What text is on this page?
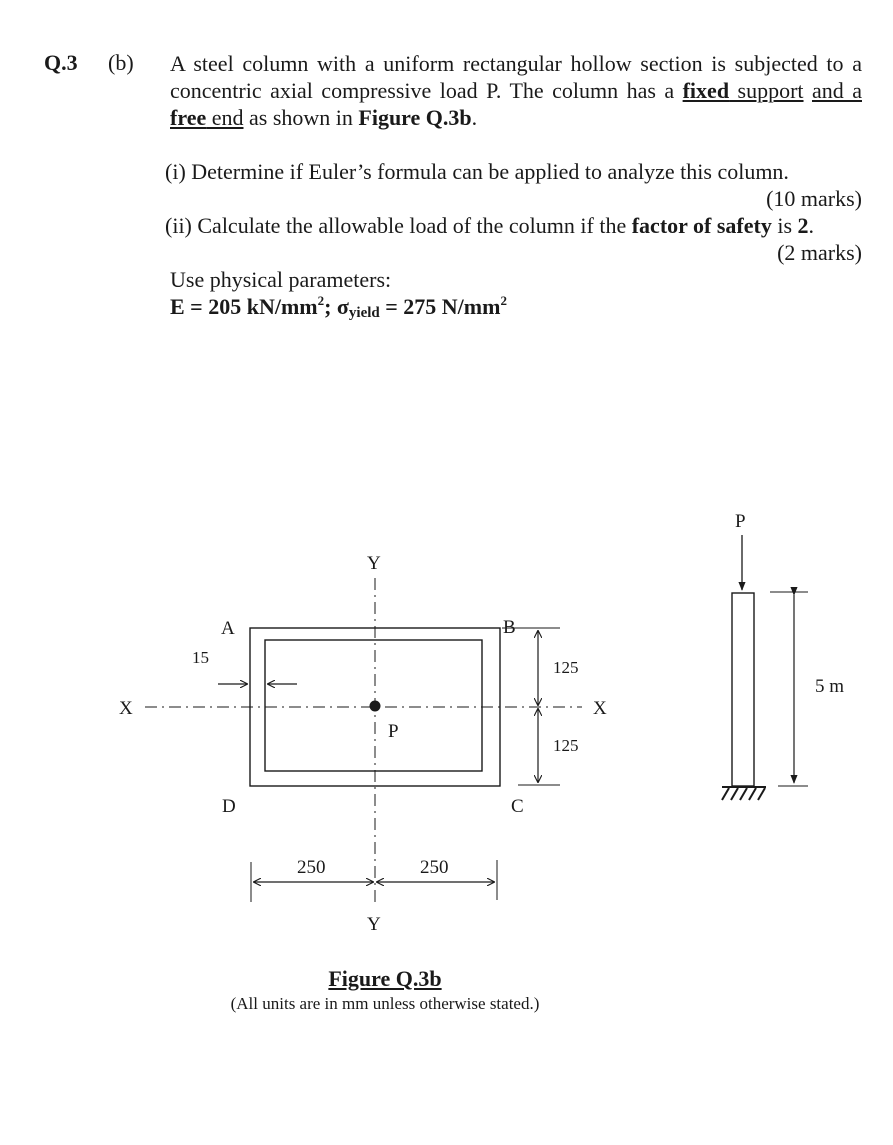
Q.3 (b) A steel column with a uniform rectangular hollow section is subjected to a concentric axial compressive load P. The column has a fixed support and a free end as shown in Figure Q.3b.
(i) Determine if Euler’s formula can be applied to analyze this column.
(10 marks)
(ii) Calculate the allowable load of the column if the factor of safety is 2.
(2 marks)
Use physical parameters:
E = 205 $kN/mm^2$; σyield = 275 $N/mm^2$
Y
Y
X	X
P
A	B
C
D
15
125
125
250	250
P
5 m
Figure Q.3b
(All units are in mm unless otherwise stated.)
